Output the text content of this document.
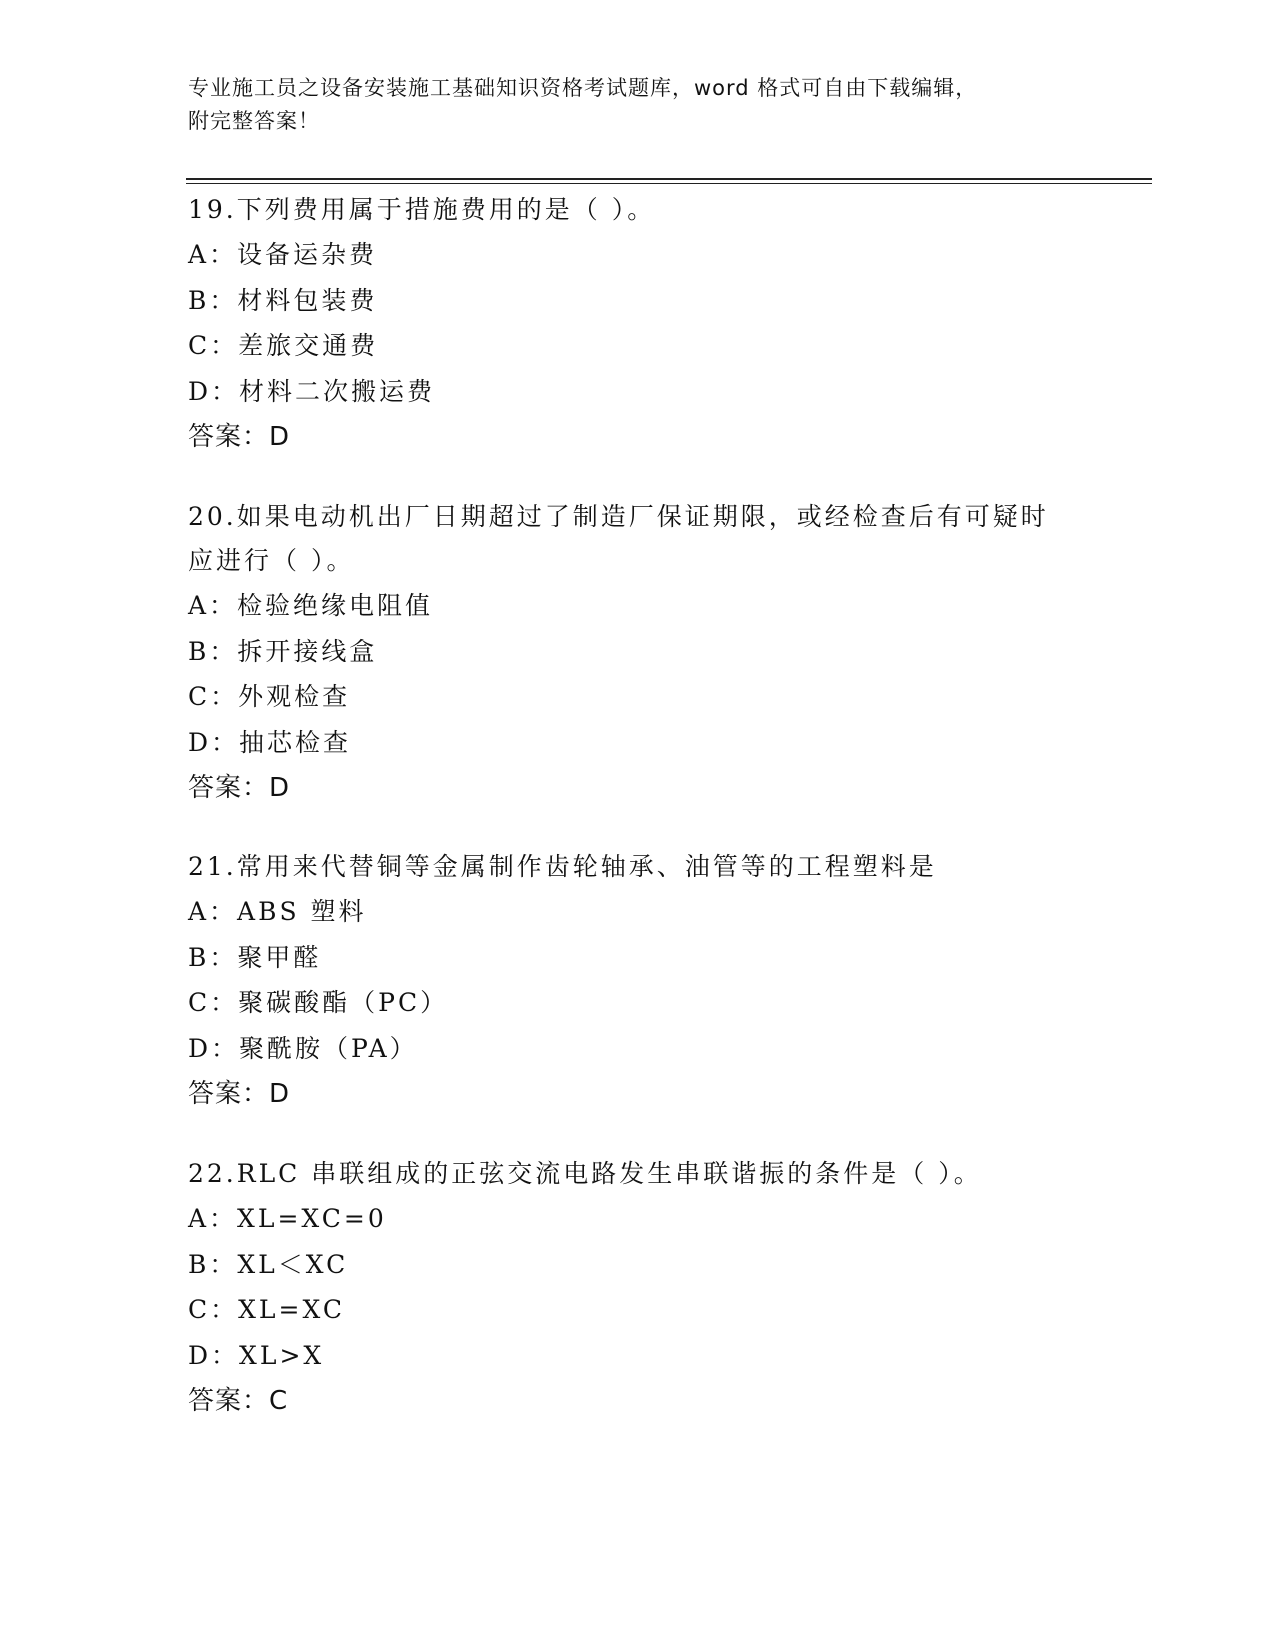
专业施工员之设备安装施工基础知识资格考试题库，word 格式可自由下载编辑，
附完整答案！
19.下列费用属于措施费用的是（ ）。
A：设备运杂费
B：材料包装费
C：差旅交通费
D：材料二次搬运费
答案：D
20.如果电动机出厂日期超过了制造厂保证期限，或经检查后有可疑时
应进行（ ）。
A：检验绝缘电阻值
B：拆开接线盒
C：外观检查
D：抽芯检查
答案：D
21.常用来代替铜等金属制作齿轮轴承、油管等的工程塑料是
A：ABS 塑料
B：聚甲醛
C：聚碳酸酯（PC）
D：聚酰胺（PA）
答案：D
22.RLC 串联组成的正弦交流电路发生串联谐振的条件是（ ）。
A：XL=XC=0
B：XL＜XC
C：XL=XC
D：XL>X
答案：C
